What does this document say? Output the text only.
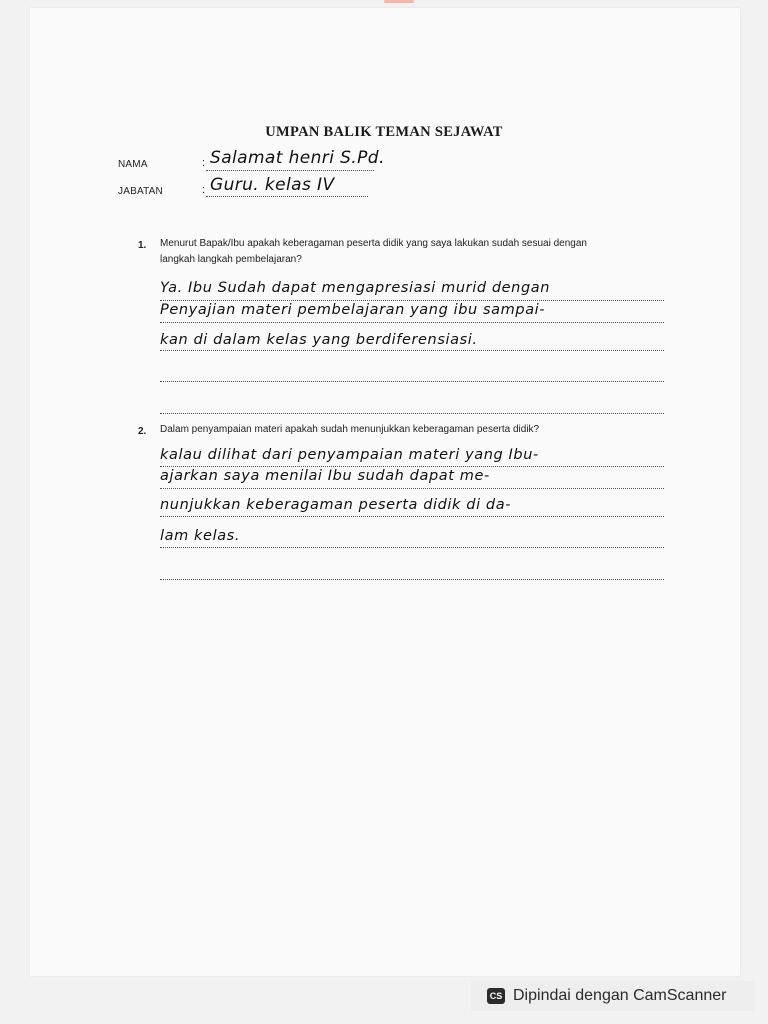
UMPAN BALIK TEMAN SEJAWAT
NAMA	: Salamat henri S.Pd.
JABATAN	: Guru. kelas IV
1. Menurut Bapak/Ibu apakah keberagaman peserta didik yang saya lakukan sudah sesuai dengan
langkah langkah pembelajaran?
Ya. Ibu Sudah dapat mengapresiasi murid dengan
Penyajian materi pembelajaran yang ibu sampai-
kan di dalam kelas yang berdiferensiasi.
2. Dalam penyampaian materi apakah sudah menunjukkan keberagaman peserta didik?
kalau dilihat dari penyampaian materi yang Ibu-
ajarkan saya menilai Ibu sudah dapat me-
nunjukkan keberagaman peserta didik di da-
lam kelas.
CS Dipindai dengan CamScanner
